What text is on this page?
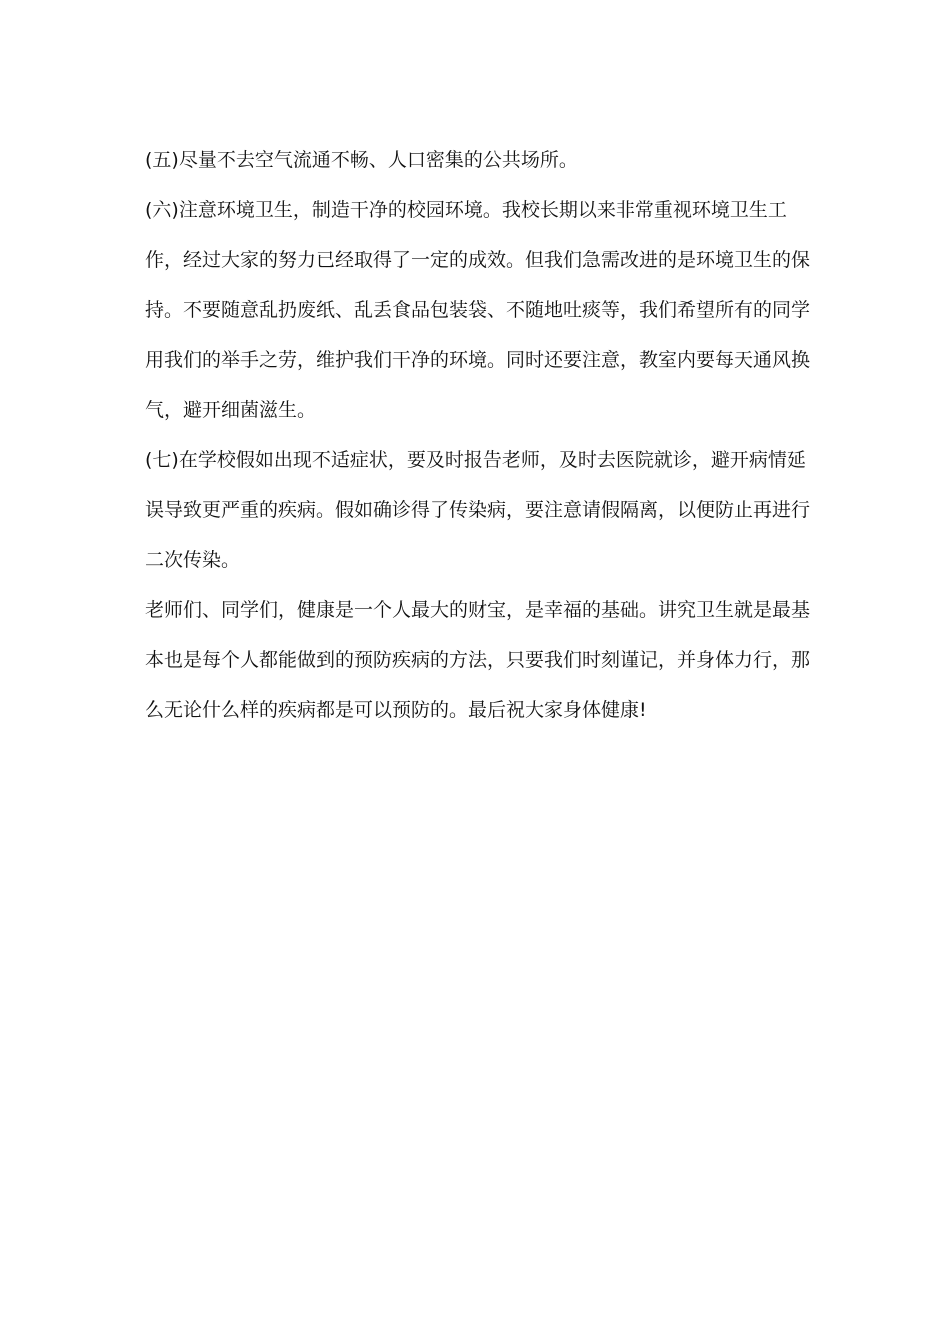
(五)尽量不去空气流通不畅、人口密集的公共场所。

(六)注意环境卫生，制造干净的校园环境。我校长期以来非常重视环境卫生工作，经过大家的努力已经取得了一定的成效。但我们急需改进的是环境卫生的保持。不要随意乱扔废纸、乱丢食品包装袋、不随地吐痰等，我们希望所有的同学用我们的举手之劳，维护我们干净的环境。同时还要注意，教室内要每天通风换气，避开细菌滋生。

(七)在学校假如出现不适症状，要及时报告老师，及时去医院就诊，避开病情延误导致更严重的疾病。假如确诊得了传染病，要注意请假隔离，以便防止再进行二次传染。

老师们、同学们，健康是一个人最大的财宝，是幸福的基础。讲究卫生就是最基本也是每个人都能做到的预防疾病的方法，只要我们时刻谨记，并身体力行，那么无论什么样的疾病都是可以预防的。最后祝大家身体健康!
